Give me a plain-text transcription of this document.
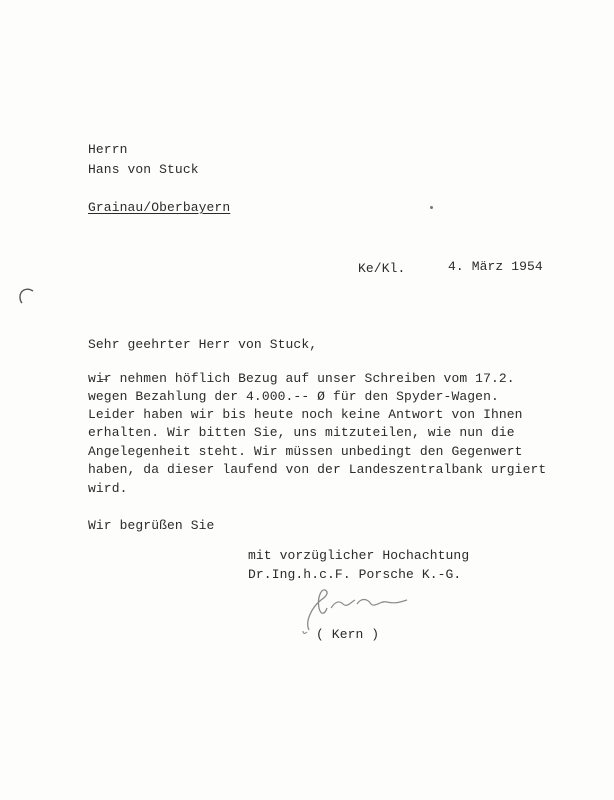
Herrn
Hans von Stuck
Grainau/Oberbayern
Ke/Kl.	4. März 1954
Sehr geehrter Herr von Stuck,
wi̶r nehmen höflich Bezug auf unser Schreiben vom 17.2.
wegen Bezahlung der 4.000.-- Ø für den Spyder-Wagen.
Leider haben wir bis heute noch keine Antwort von Ihnen
erhalten. Wir bitten Sie, uns mitzuteilen, wie nun die
Angelegenheit steht. Wir müssen unbedingt den Gegenwert
haben, da dieser laufend von der Landeszentralbank urgiert
wird.
Wir begrüßen Sie
mit vorzüglicher Hochachtung
Dr.Ing.h.c.F. Porsche K.-G.
( Kern )
